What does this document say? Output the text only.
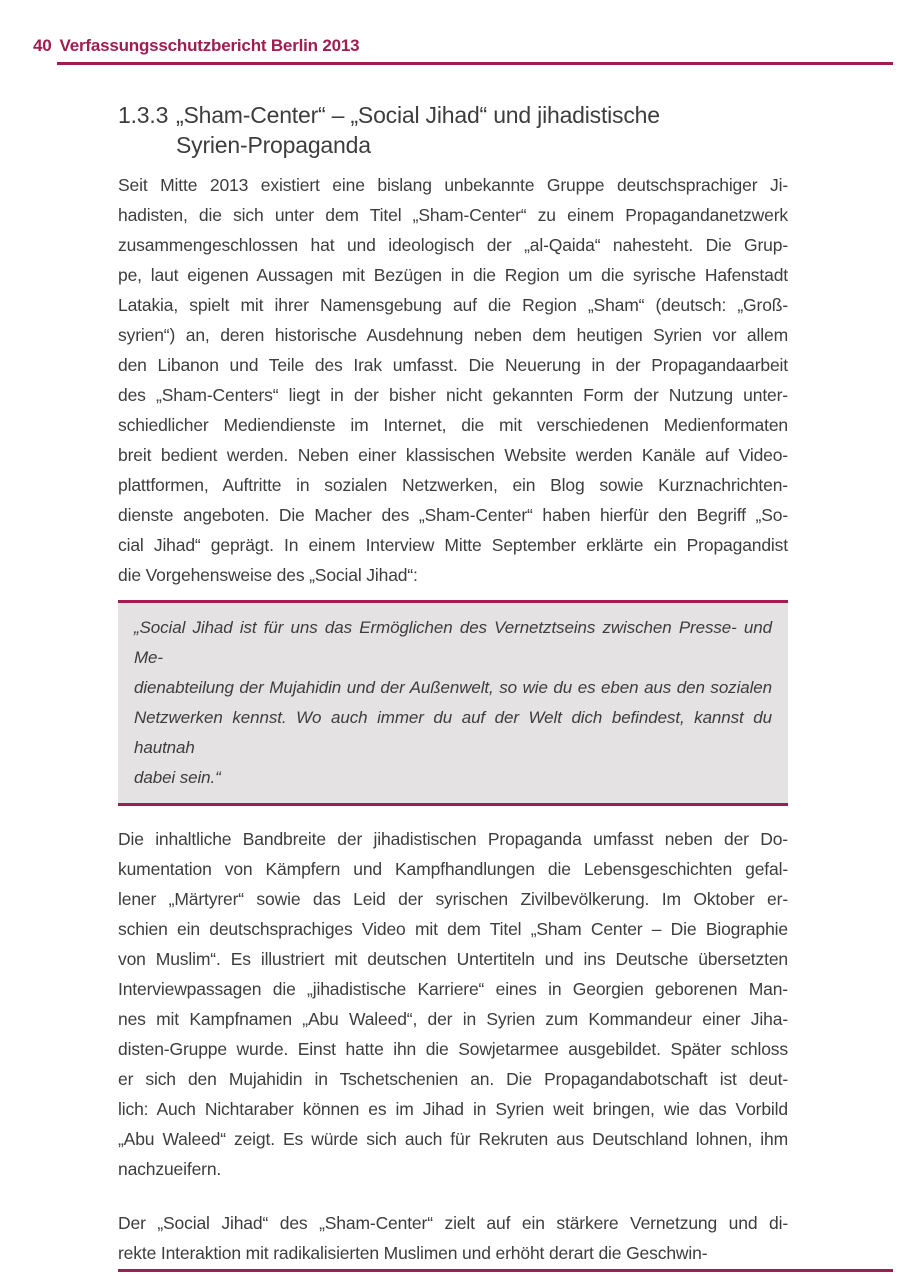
40 Verfassungsschutzbericht Berlin 2013
1.3.3 „Sham-Center“ – „Social Jihad“ und jihadistische
Syrien-Propaganda
Seit Mitte 2013 existiert eine bislang unbekannte Gruppe deutschsprachiger Ji-
hadisten, die sich unter dem Titel „Sham-Center“ zu einem Propagandanetzwerk
zusammengeschlossen hat und ideologisch der „al-Qaida“ nahesteht. Die Grup-
pe, laut eigenen Aussagen mit Bezügen in die Region um die syrische Hafenstadt
Latakia, spielt mit ihrer Namensgebung auf die Region „Sham“ (deutsch: „Groß-
syrien“) an, deren historische Ausdehnung neben dem heutigen Syrien vor allem
den Libanon und Teile des Irak umfasst. Die Neuerung in der Propagandaarbeit
des „Sham-Centers“ liegt in der bisher nicht gekannten Form der Nutzung unter-
schiedlicher Mediendienste im Internet, die mit verschiedenen Medienformaten
breit bedient werden. Neben einer klassischen Website werden Kanäle auf Video-
plattformen, Auftritte in sozialen Netzwerken, ein Blog sowie Kurznachrichten-
dienste angeboten. Die Macher des „Sham-Center“ haben hierfür den Begriff „So-
cial Jihad“ geprägt. In einem Interview Mitte September erklärte ein Propagandist
die Vorgehensweise des „Social Jihad“:
„Social Jihad ist für uns das Ermöglichen des Vernetztseins zwischen Presse- und Me-
dienabteilung der Mujahidin und der Außenwelt, so wie du es eben aus den sozialen
Netzwerken kennst. Wo auch immer du auf der Welt dich befindest, kannst du hautnah
dabei sein.“
Die inhaltliche Bandbreite der jihadistischen Propaganda umfasst neben der Do-
kumentation von Kämpfern und Kampfhandlungen die Lebensgeschichten gefal-
lener „Märtyrer“ sowie das Leid der syrischen Zivilbevölkerung. Im Oktober er-
schien ein deutschsprachiges Video mit dem Titel „Sham Center – Die Biographie
von Muslim“. Es illustriert mit deutschen Untertiteln und ins Deutsche übersetzten
Interviewpassagen die „jihadistische Karriere“ eines in Georgien geborenen Man-
nes mit Kampfnamen „Abu Waleed“, der in Syrien zum Kommandeur einer Jiha-
disten-Gruppe wurde. Einst hatte ihn die Sowjetarmee ausgebildet. Später schloss
er sich den Mujahidin in Tschetschenien an. Die Propagandabotschaft ist deut-
lich: Auch Nichtaraber können es im Jihad in Syrien weit bringen, wie das Vorbild
„Abu Waleed“ zeigt. Es würde sich auch für Rekruten aus Deutschland lohnen, ihm
nachzueifern.
Der „Social Jihad“ des „Sham-Center“ zielt auf ein stärkere Vernetzung und di-
rekte Interaktion mit radikalisierten Muslimen und erhöht derart die Geschwin-
